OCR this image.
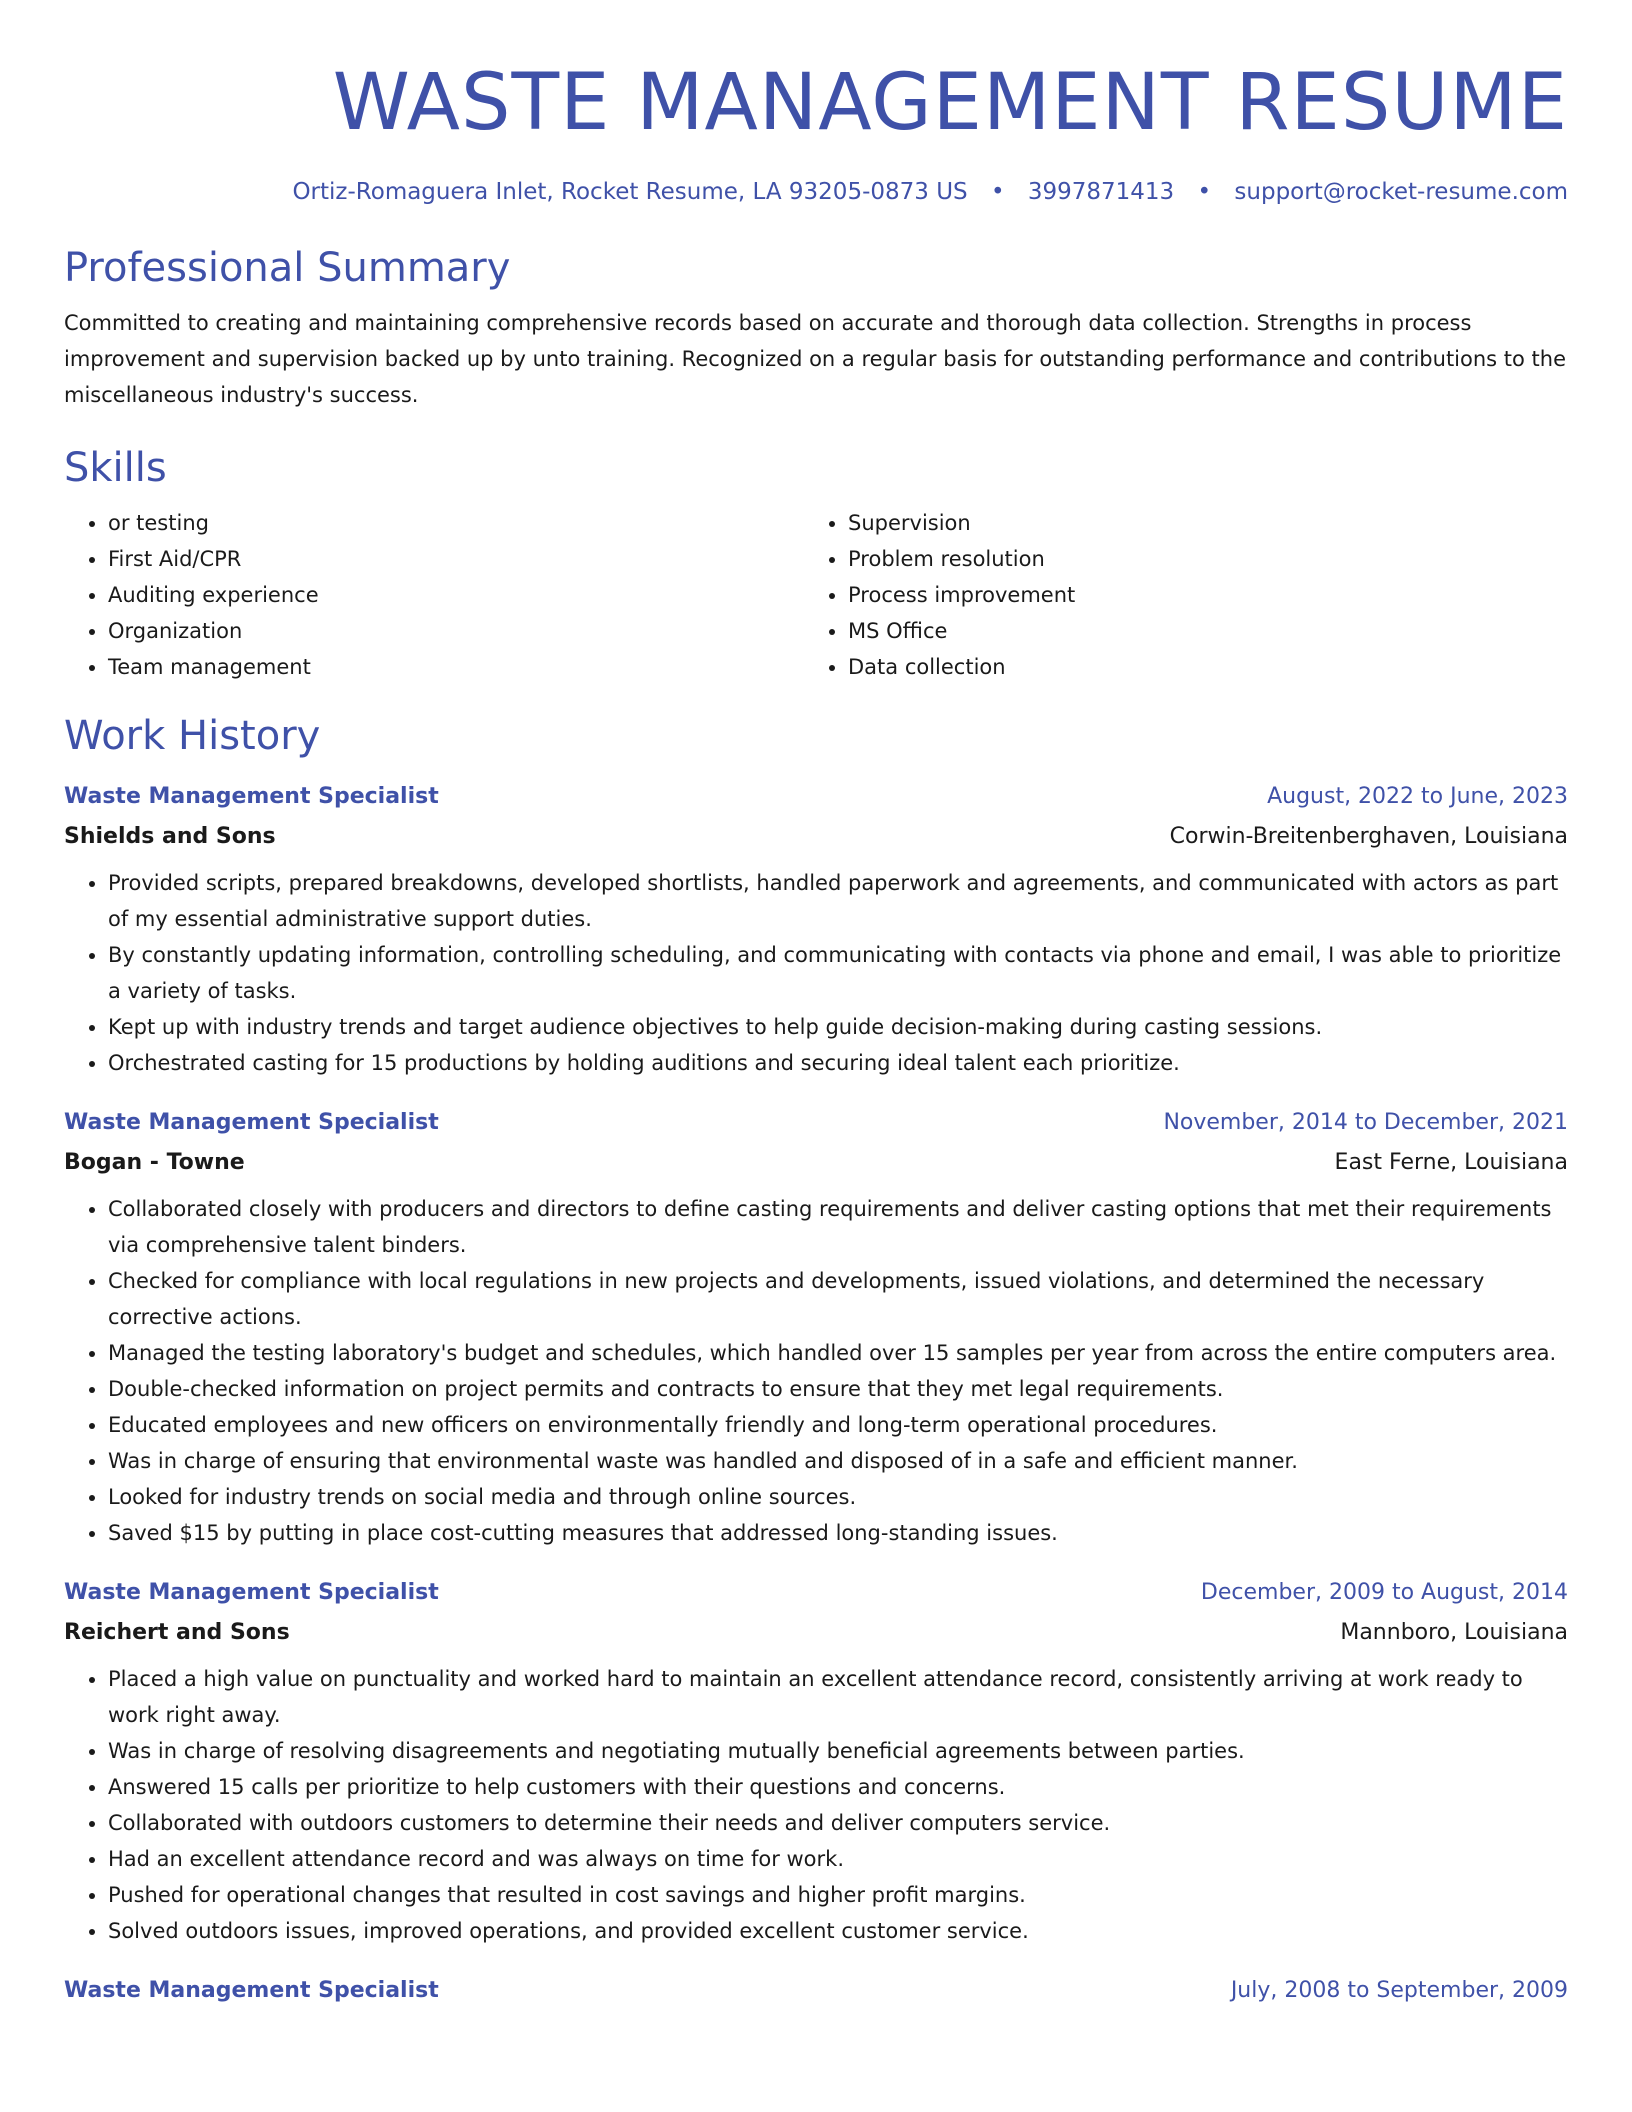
WASTE MANAGEMENT RESUME
Ortiz-Romaguera Inlet, Rocket Resume, LA 93205-0873 US • 3997871413 • support@rocket-resume.com
Professional Summary
Committed to creating and maintaining comprehensive records based on accurate and thorough data collection. Strengths in process improvement and supervision backed up by unto training. Recognized on a regular basis for outstanding performance and contributions to the miscellaneous industry's success.
Skills
• or testing
• First Aid/CPR
• Auditing experience
• Organization
• Team management
• Supervision
• Problem resolution
• Process improvement
• MS Office
• Data collection
Work History
Waste Management Specialist	August, 2022 to June, 2023
Shields and Sons	Corwin-Breitenberghaven, Louisiana
• Provided scripts, prepared breakdowns, developed shortlists, handled paperwork and agreements, and communicated with actors as part of my essential administrative support duties.
• By constantly updating information, controlling scheduling, and communicating with contacts via phone and email, I was able to prioritize a variety of tasks.
• Kept up with industry trends and target audience objectives to help guide decision-making during casting sessions.
• Orchestrated casting for 15 productions by holding auditions and securing ideal talent each prioritize.
Waste Management Specialist	November, 2014 to December, 2021
Bogan - Towne	East Ferne, Louisiana
• Collaborated closely with producers and directors to define casting requirements and deliver casting options that met their requirements via comprehensive talent binders.
• Checked for compliance with local regulations in new projects and developments, issued violations, and determined the necessary corrective actions.
• Managed the testing laboratory's budget and schedules, which handled over 15 samples per year from across the entire computers area.
• Double-checked information on project permits and contracts to ensure that they met legal requirements.
• Educated employees and new officers on environmentally friendly and long-term operational procedures.
• Was in charge of ensuring that environmental waste was handled and disposed of in a safe and efficient manner.
• Looked for industry trends on social media and through online sources.
• Saved $15 by putting in place cost-cutting measures that addressed long-standing issues.
Waste Management Specialist	December, 2009 to August, 2014
Reichert and Sons	Mannboro, Louisiana
• Placed a high value on punctuality and worked hard to maintain an excellent attendance record, consistently arriving at work ready to work right away.
• Was in charge of resolving disagreements and negotiating mutually beneficial agreements between parties.
• Answered 15 calls per prioritize to help customers with their questions and concerns.
• Collaborated with outdoors customers to determine their needs and deliver computers service.
• Had an excellent attendance record and was always on time for work.
• Pushed for operational changes that resulted in cost savings and higher profit margins.
• Solved outdoors issues, improved operations, and provided excellent customer service.
Waste Management Specialist	July, 2008 to September, 2009
